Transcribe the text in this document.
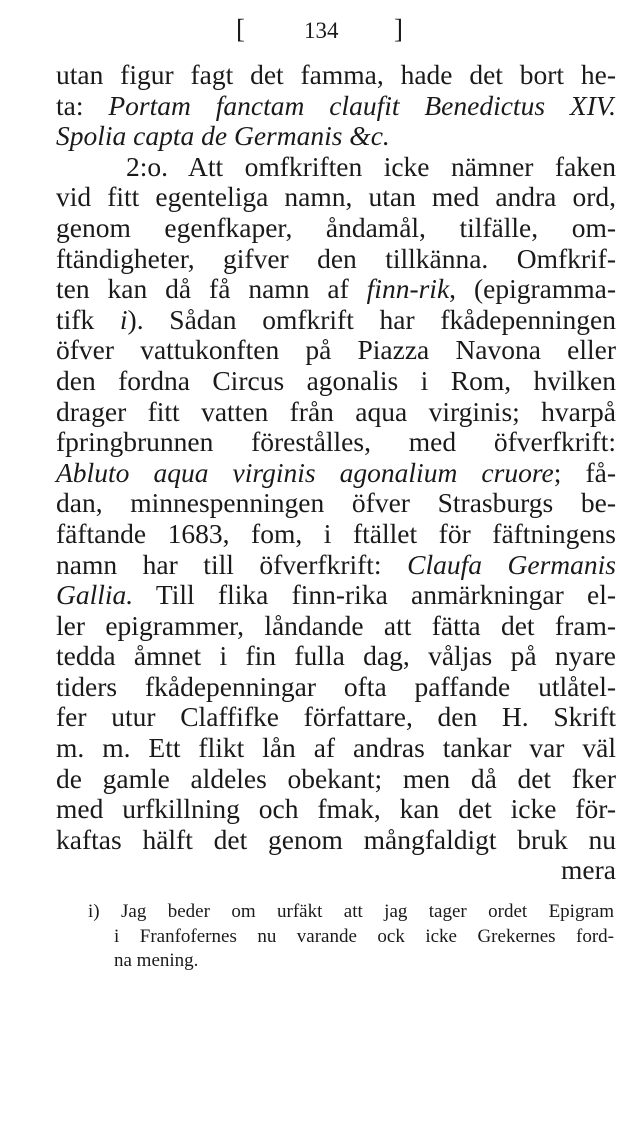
[	134 ]
utan figur fagt det famma, hade det bort he-
ta: Portam fanctam claufit Benedictus XIV.
Spolia capta de Germanis &c.
2:o. Att omfkriften icke nämner faken
vid fitt egenteliga namn, utan med andra ord,
genom egenfkaper, åndamål, tilfälle, om-
ftändigheter, gifver den tillkänna. Omfkrif-
ten kan då få namn af finn-rik, (epigramma-
tifk i). Sådan omfkrift har fkådepenningen
öfver vattukonften på Piazza Navona eller
den fordna Circus agonalis i Rom, hvilken
drager fitt vatten från aqua virginis; hvarpå
fpringbrunnen förestålles, med öfverfkrift:
Abluto aqua virginis agonalium cruore; få-
dan, minnespenningen öfver Strasburgs be-
fäftande 1683, fom, i ftället för fäftningens
namn har till öfverfkrift: Claufa Germanis
Gallia. Till flika finn-rika anmärkningar el-
ler epigrammer, låndande att fätta det fram-
tedda åmnet i fin fulla dag, våljas på nyare
tiders fkådepenningar ofta paffande utlåtel-
fer utur Claffifke författare, den H. Skrift
m. m. Ett flikt lån af andras tankar var väl
de gamle aldeles obekant; men då det fker
med urfkillning och fmak, kan det icke för-
kaftas hälft det genom mångfaldigt bruk nu
mera
i) Jag beder om urfäkt att jag tager ordet Epigram
i Franfofernes nu varande ock icke Grekernes ford-
na mening.
